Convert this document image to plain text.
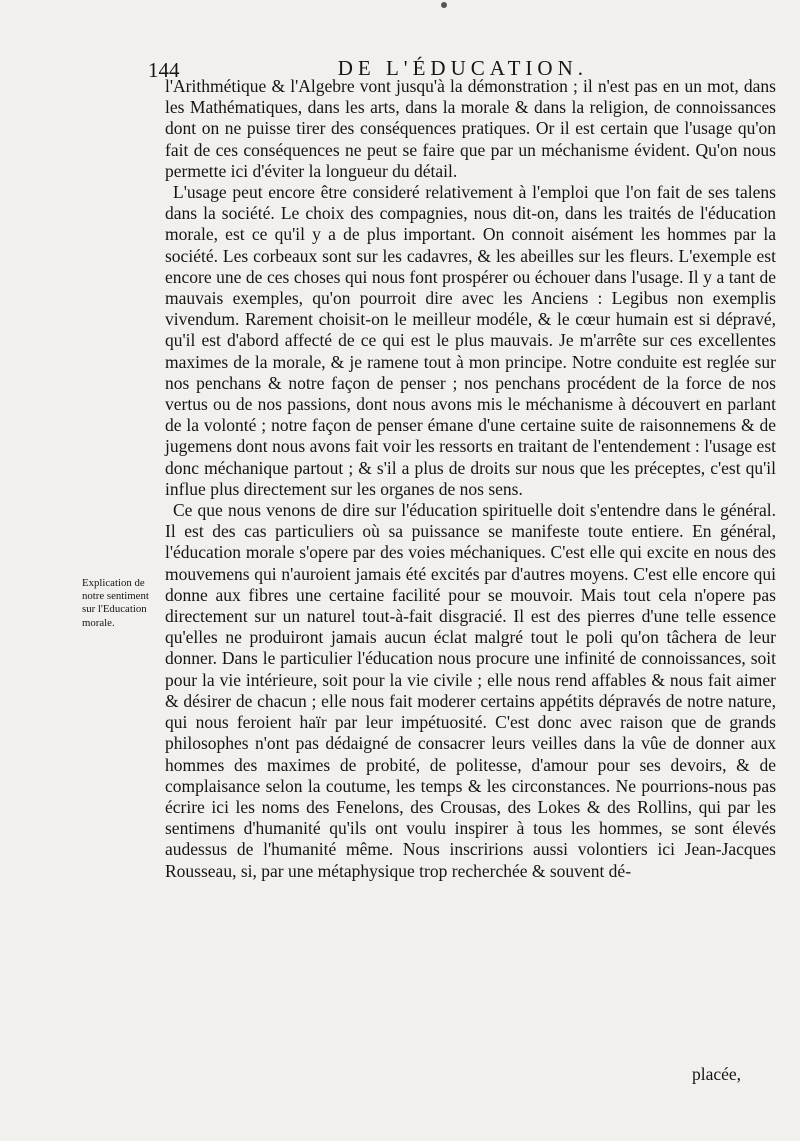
144	DE L'ÉDUCATION.
Explication de notre sentiment sur l'Education morale.

l'Arithmétique & l'Algebre vont jusqu'à la démonstration ; il n'est pas en un mot, dans les Mathématiques, dans les arts, dans la morale & dans la religion, de connoissances dont on ne puisse tirer des conséquences pratiques. Or il est certain que l'usage qu'on fait de ces conséquences ne peut se faire que par un méchanisme évident. Qu'on nous permette ici d'éviter la longueur du détail.

L'usage peut encore être consideré relativement à l'emploi que l'on fait de ses talens dans la société. Le choix des compagnies, nous dit-on, dans les traités de l'éducation morale, est ce qu'il y a de plus important. On connoit aisément les hommes par la société. Les corbeaux sont sur les cadavres, & les abeilles sur les fleurs. L'exemple est encore une de ces choses qui nous font prospérer ou échouer dans l'usage. Il y a tant de mauvais exemples, qu'on pourroit dire avec les Anciens : Legibus non exemplis vivendum. Rarement choisit-on le meilleur modéle, & le cœur humain est si dépravé, qu'il est d'abord affecté de ce qui est le plus mauvais. Je m'arrête sur ces excellentes maximes de la morale, & je ramene tout à mon principe. Notre conduite est reglée sur nos penchans & notre façon de penser ; nos penchans procédent de la force de nos vertus ou de nos passions, dont nous avons mis le méchanisme à découvert en parlant de la volonté ; notre façon de penser émane d'une certaine suite de raisonnemens & de jugemens dont nous avons fait voir les ressorts en traitant de l'entendement : l'usage est donc méchanique partout ; & s'il a plus de droits sur nous que les préceptes, c'est qu'il influe plus directement sur les organes de nos sens.

Ce que nous venons de dire sur l'éducation spirituelle doit s'entendre dans le général. Il est des cas particuliers où sa puissance se manifeste toute entiere. En général, l'éducation morale s'opere par des voies méchaniques. C'est elle qui excite en nous des mouvemens qui n'auroient jamais été excités par d'autres moyens. C'est elle encore qui donne aux fibres une certaine facilité pour se mouvoir. Mais tout cela n'opere pas directement sur un naturel tout-à-fait disgracié. Il est des pierres d'une telle essence qu'elles ne produiront jamais aucun éclat malgré tout le poli qu'on tâchera de leur donner. Dans le particulier l'éducation nous procure une infinité de connoissances, soit pour la vie intérieure, soit pour la vie civile ; elle nous rend affables & nous fait aimer & désirer de chacun ; elle nous fait moderer certains appétits dépravés de notre nature, qui nous feroient haïr par leur impétuosité. C'est donc avec raison que de grands philosophes n'ont pas dédaigné de consacrer leurs veilles dans la vûe de donner aux hommes des maximes de probité, de politesse, d'amour pour ses devoirs, & de complaisance selon la coutume, les temps & les circonstances. Ne pourrions-nous pas écrire ici les noms des Fenelons, des Crousas, des Lokes & des Rollins, qui par les sentimens d'humanité qu'ils ont voulu inspirer à tous les hommes, se sont élevés audessus de l'humanité même. Nous inscririons aussi volontiers ici Jean-Jacques Rousseau, si, par une métaphysique trop recherchée & souvent dé-

placée,
